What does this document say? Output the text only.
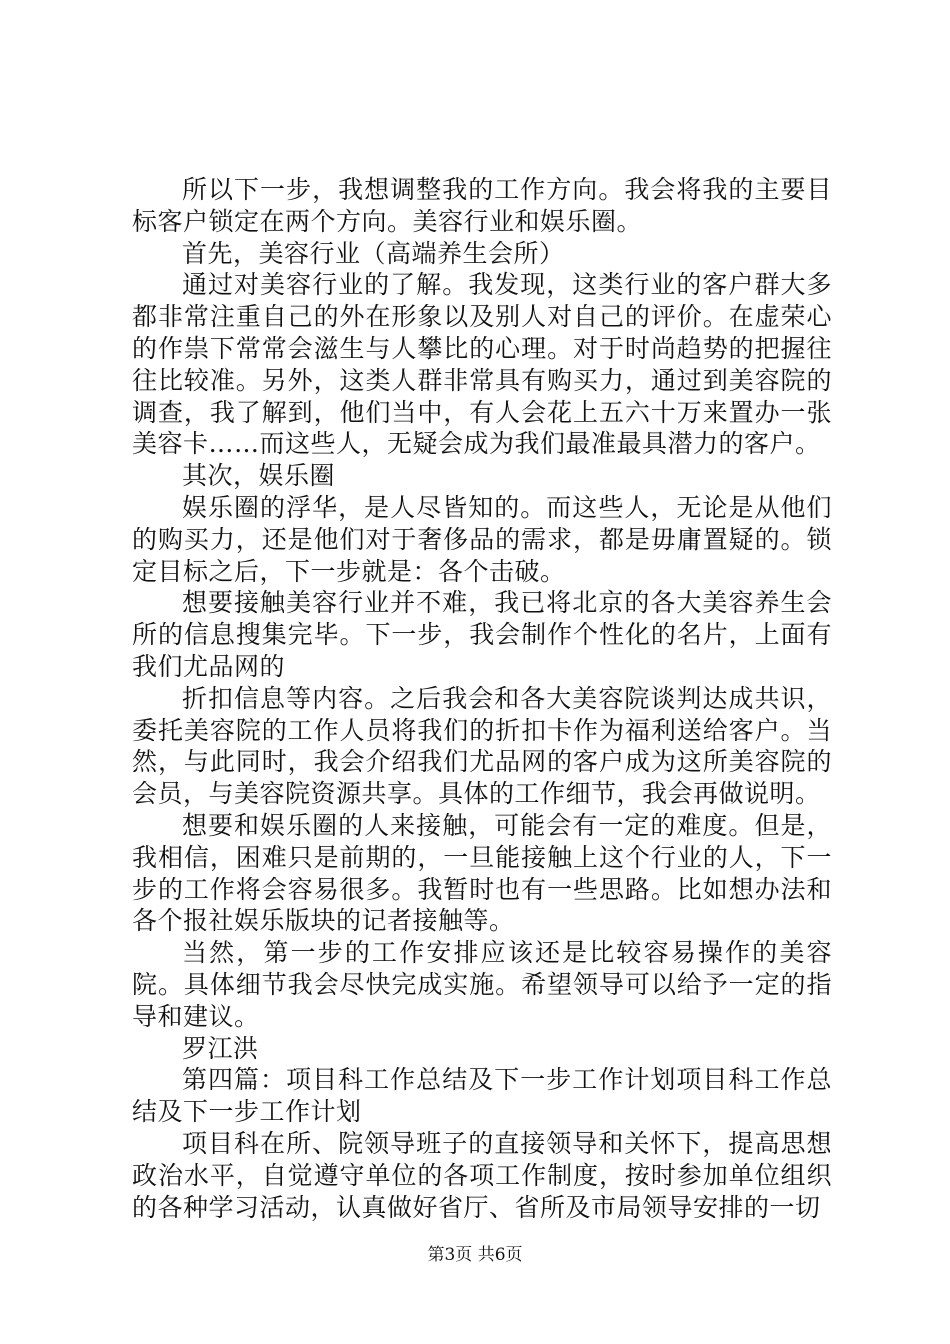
所以下一步，我想调整我的工作方向。我会将我的主要目标客户锁定在两个方向。美容行业和娱乐圈。

首先，美容行业（高端养生会所）

通过对美容行业的了解。我发现，这类行业的客户群大多都非常注重自己的外在形象以及别人对自己的评价。在虚荣心的作祟下常常会滋生与人攀比的心理。对于时尚趋势的把握往往比较准。另外，这类人群非常具有购买力，通过到美容院的调查，我了解到，他们当中，有人会花上五六十万来置办一张美容卡……而这些人，无疑会成为我们最准最具潜力的客户。

其次，娱乐圈

娱乐圈的浮华，是人尽皆知的。而这些人，无论是从他们的购买力，还是他们对于奢侈品的需求，都是毋庸置疑的。锁定目标之后，下一步就是：各个击破。

想要接触美容行业并不难，我已将北京的各大美容养生会所的信息搜集完毕。下一步，我会制作个性化的名片，上面有我们尤品网的

折扣信息等内容。之后我会和各大美容院谈判达成共识，委托美容院的工作人员将我们的折扣卡作为福利送给客户。当然，与此同时，我会介绍我们尤品网的客户成为这所美容院的会员，与美容院资源共享。具体的工作细节，我会再做说明。

想要和娱乐圈的人来接触，可能会有一定的难度。但是，我相信，困难只是前期的，一旦能接触上这个行业的人，下一步的工作将会容易很多。我暂时也有一些思路。比如想办法和各个报社娱乐版块的记者接触等。

当然，第一步的工作安排应该还是比较容易操作的美容院。具体细节我会尽快完成实施。希望领导可以给予一定的指导和建议。

罗江洪

第四篇：项目科工作总结及下一步工作计划项目科工作总结及下一步工作计划

项目科在所、院领导班子的直接领导和关怀下，提高思想政治水平，自觉遵守单位的各项工作制度，按时参加单位组织的各种学习活动，认真做好省厅、省所及市局领导安排的一切

第3页 共6页
